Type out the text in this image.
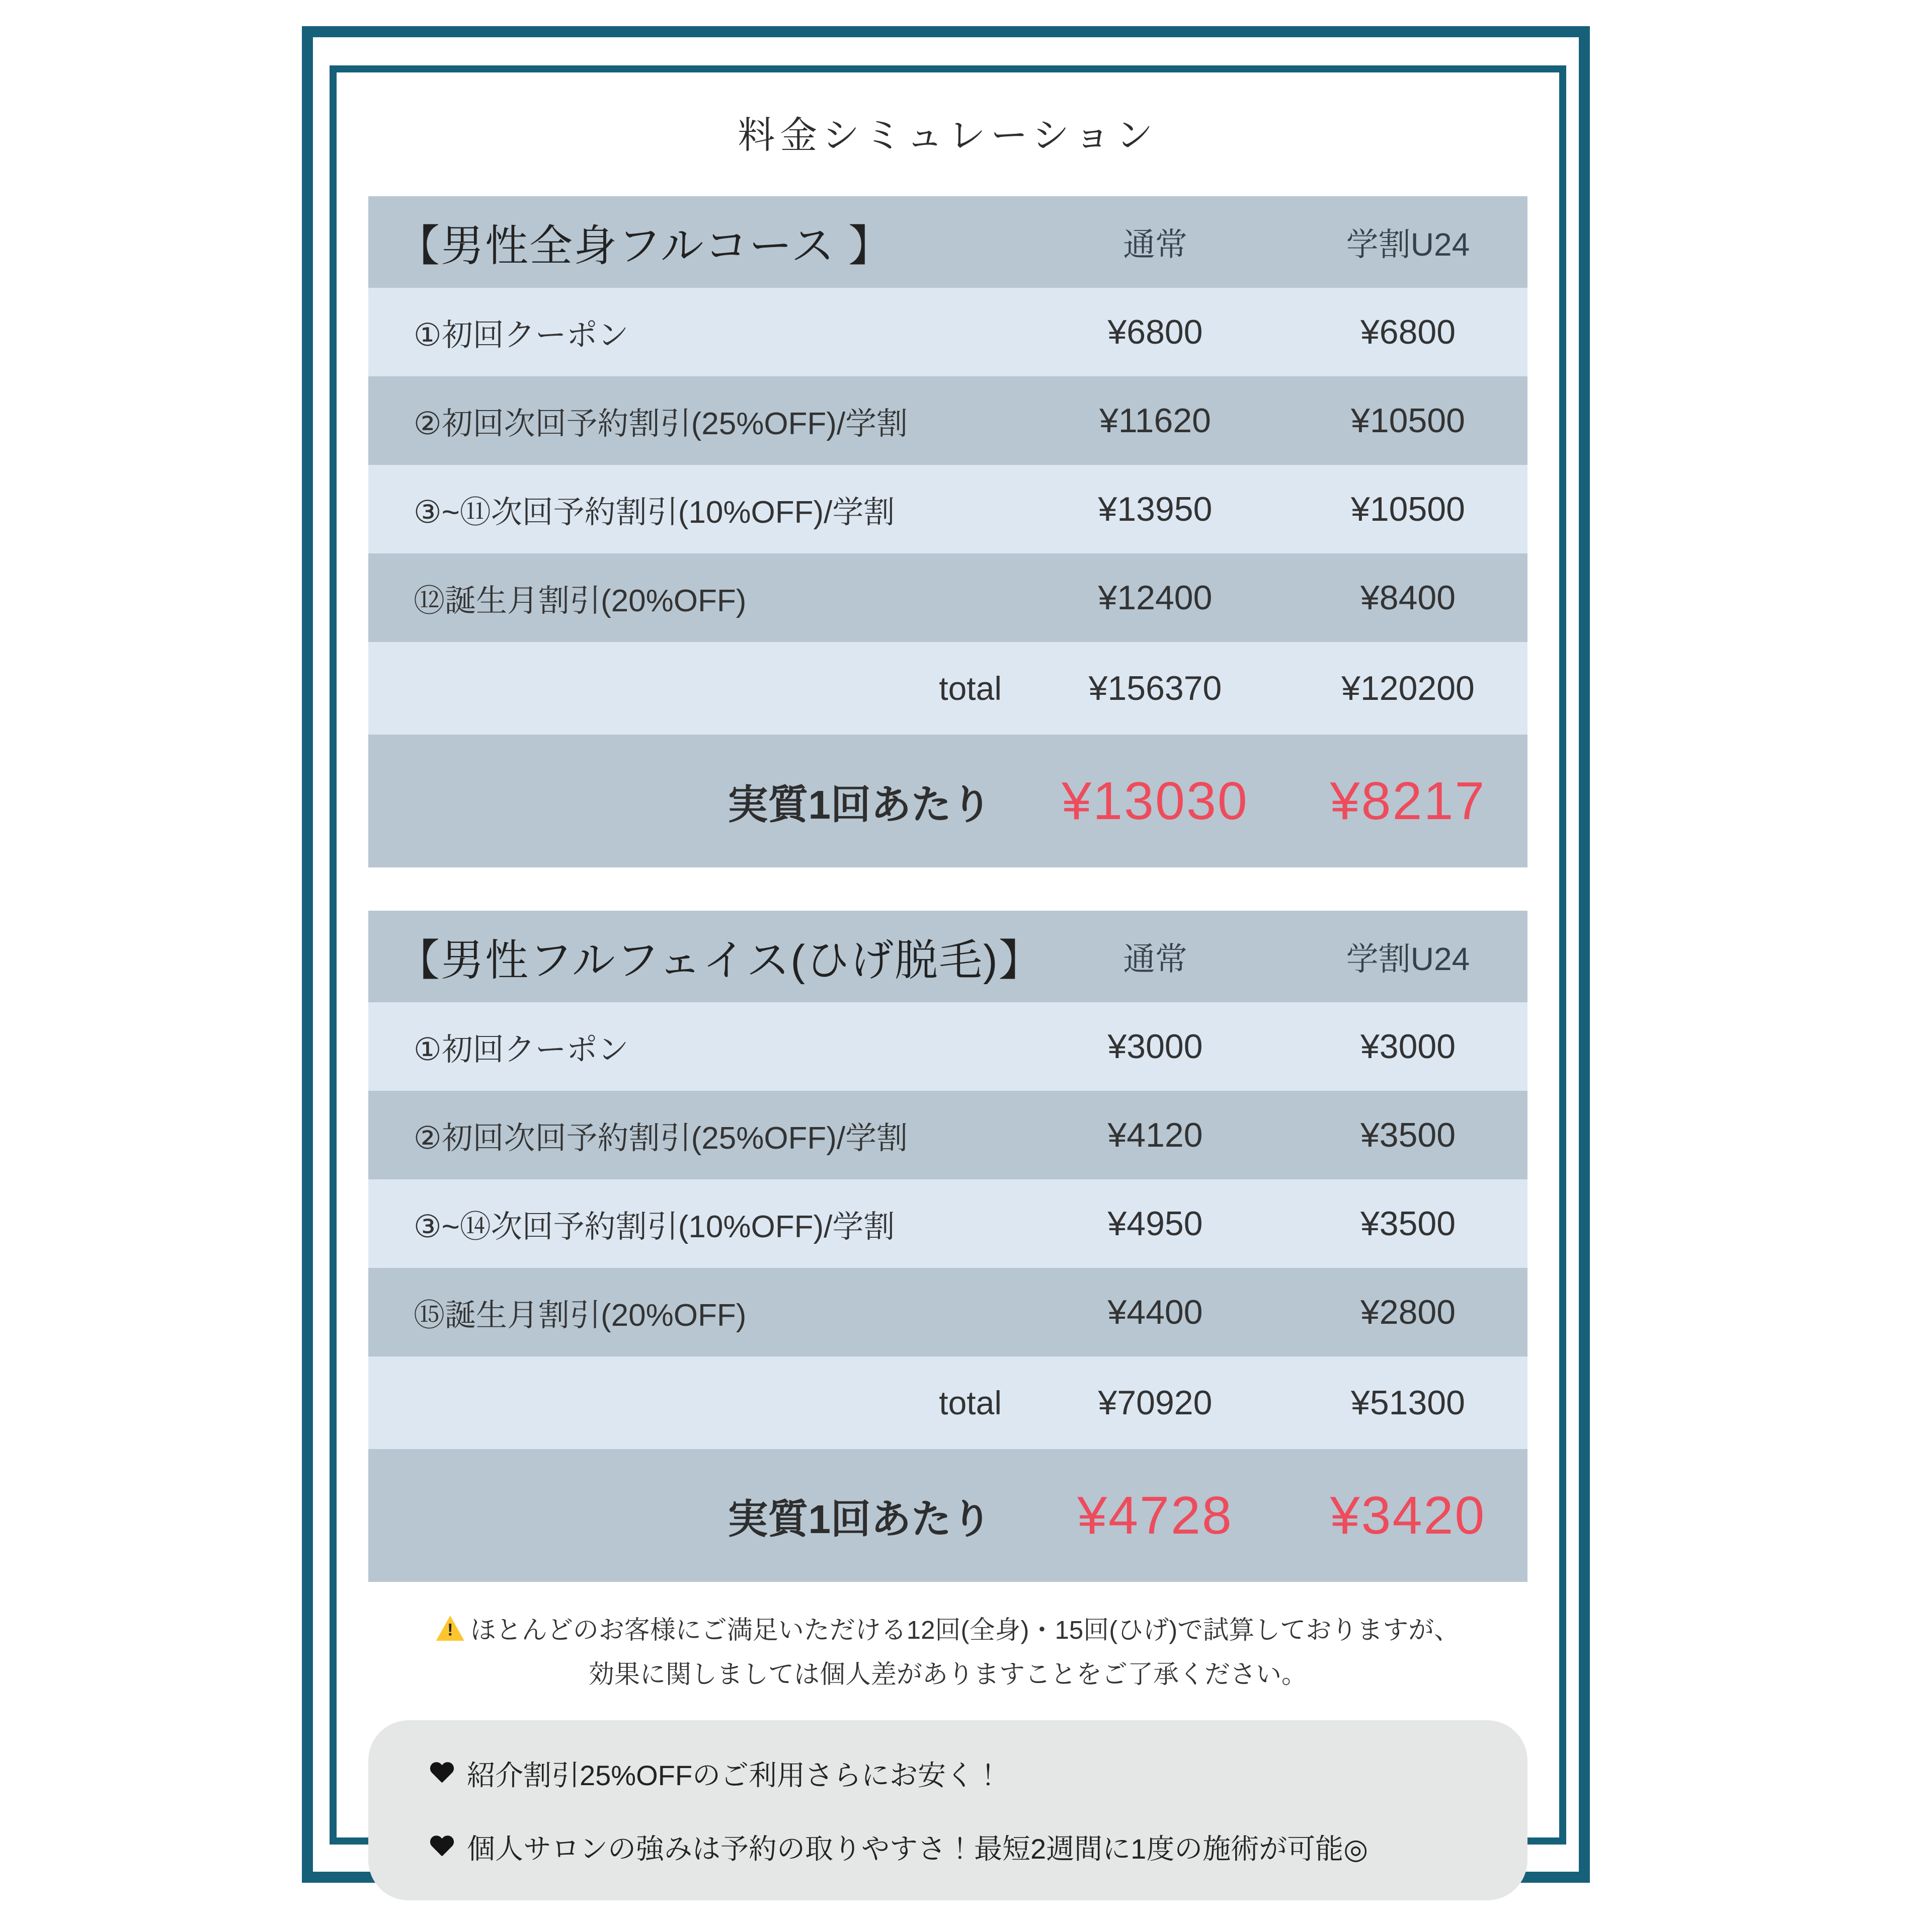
料金シミュレーション
【男性全身フルコース 】	通常	学割U24
①初回クーポン	¥6800	¥6800
②初回次回予約割引(25%OFF)/学割	¥11620	¥10500
③~⑪次回予約割引(10%OFF)/学割	¥13950	¥10500
⑫誕生月割引(20%OFF)	¥12400	¥8400
total	¥156370	¥120200
実質1回あたり	¥13030	¥8217
【男性フルフェイス(ひげ脱毛)】	通常	学割U24
①初回クーポン	¥3000	¥3000
②初回次回予約割引(25%OFF)/学割	¥4120	¥3500
③~⑭次回予約割引(10%OFF)/学割	¥4950	¥3500
⑮誕生月割引(20%OFF)	¥4400	¥2800
total	¥70920	¥51300
実質1回あたり	¥4728	¥3420

!ほとんどのお客様にご満足いただける12回(全身)・15回(ひげ)で試算しておりますが、
効果に関しましては個人差がありますことをご了承ください。

紹介割引25%OFFのご利用さらにお安く！
個人サロンの強みは予約の取りやすさ！最短2週間に1度の施術が可能◎
